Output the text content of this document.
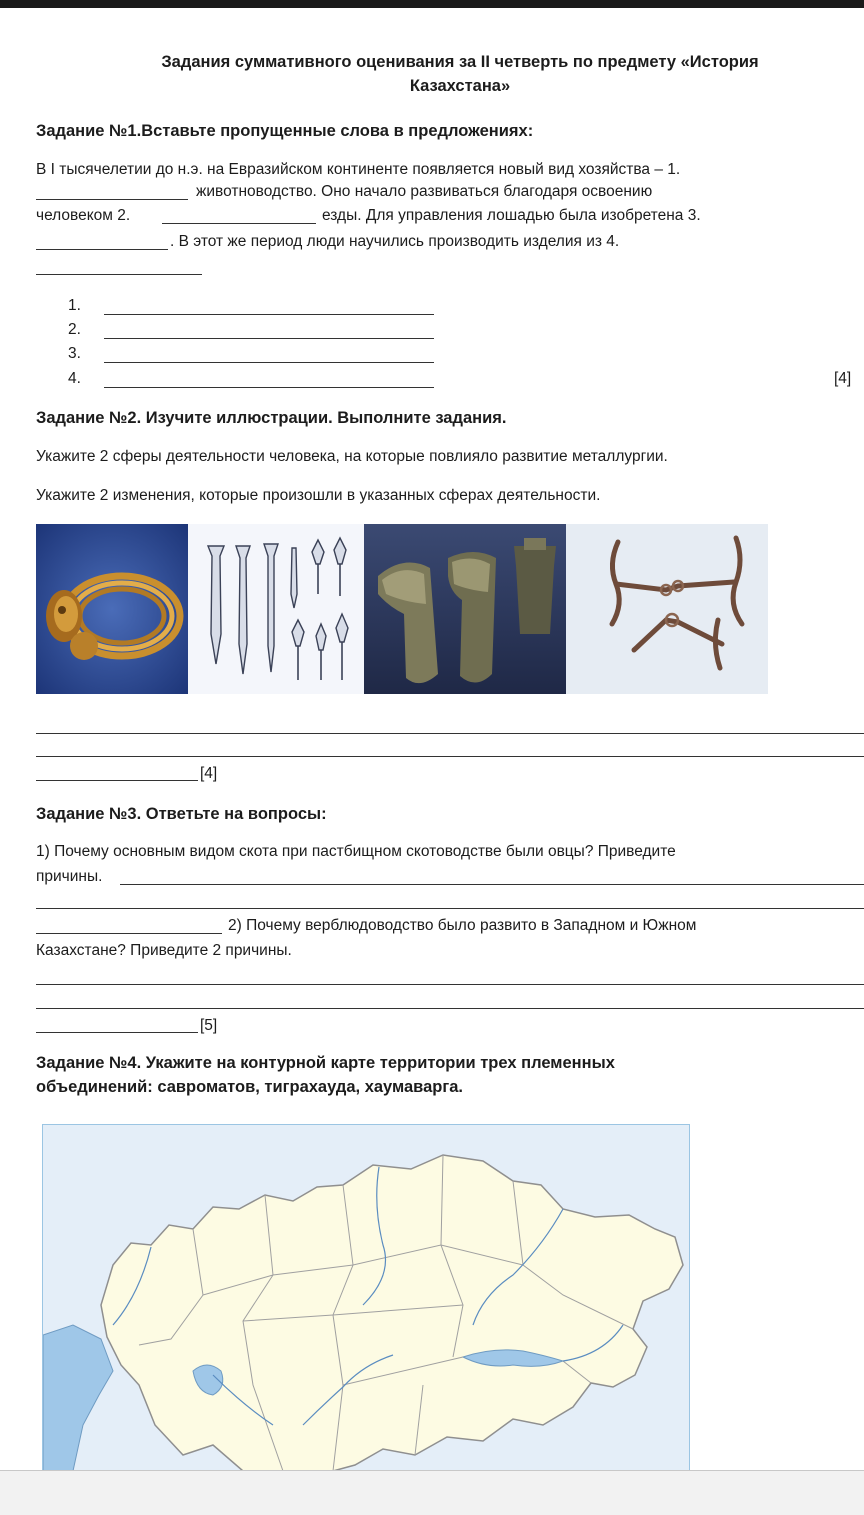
Задания суммативного оценивания за II четверть по предмету «История
Казахстана»
Задание №1.Вставьте пропущенные слова в предложениях:
В I тысячелетии до н.э. на Евразийском континенте появляется новый вид хозяйства – 1.
животноводство. Оно начало развиваться благодаря освоению
человеком 2.	езды. Для управления лошадью была изобретена 3.
. В этот же период люди научились производить изделия из 4.
1.
2.
3.
4.	[4]
Задание №2. Изучите иллюстрации. Выполните задания.
Укажите 2 сферы деятельности человека, на которые повлияло развитие металлургии.
Укажите 2 изменения, которые произошли в указанных сферах деятельности.
[4]
Задание №3. Ответьте на вопросы:
1) Почему основным видом скота при пастбищном скотоводстве были овцы? Приведите
причины.
2) Почему верблюдоводство было развито в Западном и Южном
Казахстане? Приведите 2 причины.
[5]
Задание №4. Укажите на контурной карте территории трех племенных
объединений: савроматов, тиграхауда, хаумаварга.
